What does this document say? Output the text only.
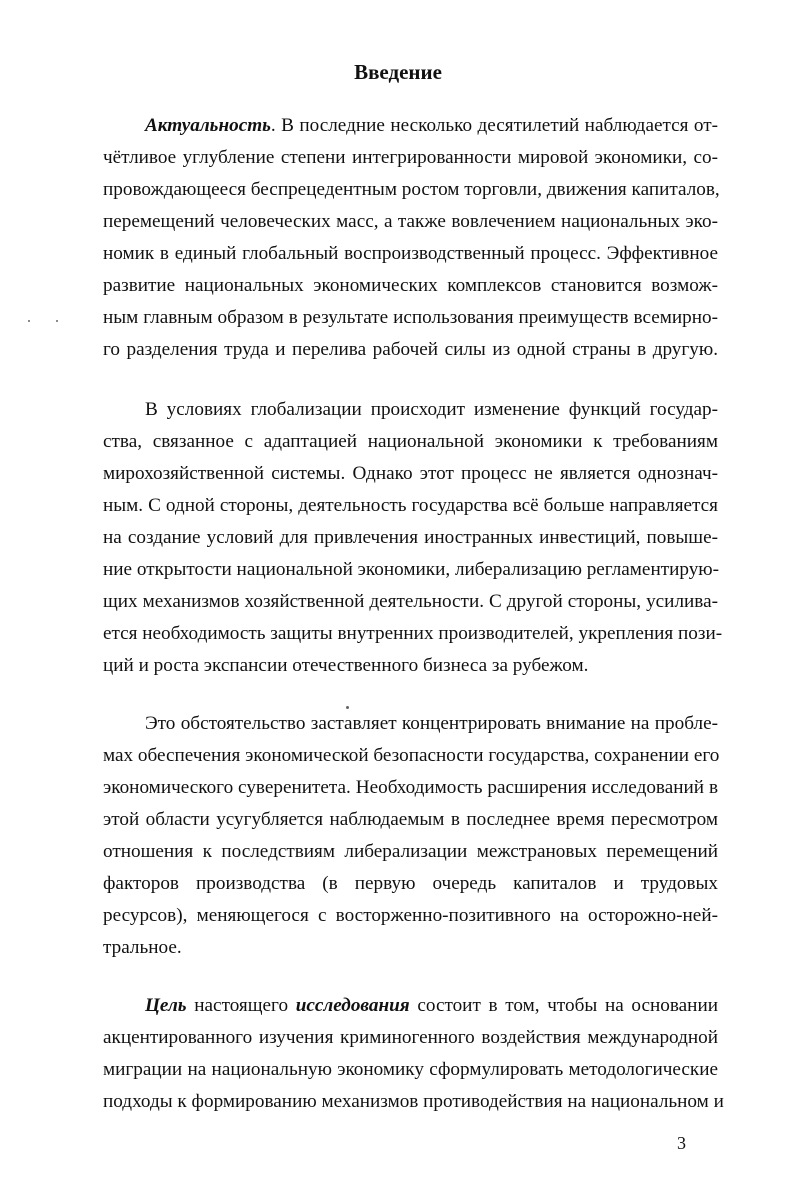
Введение
Актуальность. В последние несколько десятилетий наблюдается от-
чётливое углубление степени интегрированности мировой экономики, со-
провождающееся беспрецедентным ростом торговли, движения капиталов,
перемещений человеческих масс, а также вовлечением национальных эко-
номик в единый глобальный воспроизводственный процесс. Эффективное
развитие национальных экономических комплексов становится возмож-
ным главным образом в результате использования преимуществ всемирно-
го разделения труда и перелива рабочей силы из одной страны в другую.
В условиях глобализации происходит изменение функций государ-
ства, связанное с адаптацией национальной экономики к требованиям
мирохозяйственной системы. Однако этот процесс не является однознач-
ным. С одной стороны, деятельность государства всё больше направляется
на создание условий для привлечения иностранных инвестиций, повыше-
ние открытости национальной экономики, либерализацию регламентирую-
щих механизмов хозяйственной деятельности. С другой стороны, усилива-
ется необходимость защиты внутренних производителей, укрепления пози-
ций и роста экспансии отечественного бизнеса за рубежом.
Это обстоятельство заставляет концентрировать внимание на пробле-
мах обеспечения экономической безопасности государства, сохранении его
экономического суверенитета. Необходимость расширения исследований в
этой области усугубляется наблюдаемым в последнее время пересмотром
отношения к последствиям либерализации межстрановых перемещений
факторов производства (в первую очередь капиталов и трудовых
ресурсов), меняющегося с восторженно-позитивного на осторожно-ней-
тральное.
Цель настоящего исследования состоит в том, чтобы на основании
акцентированного изучения криминогенного воздействия международной
миграции на национальную экономику сформулировать методологические
подходы к формированию механизмов противодействия на национальном и
3
